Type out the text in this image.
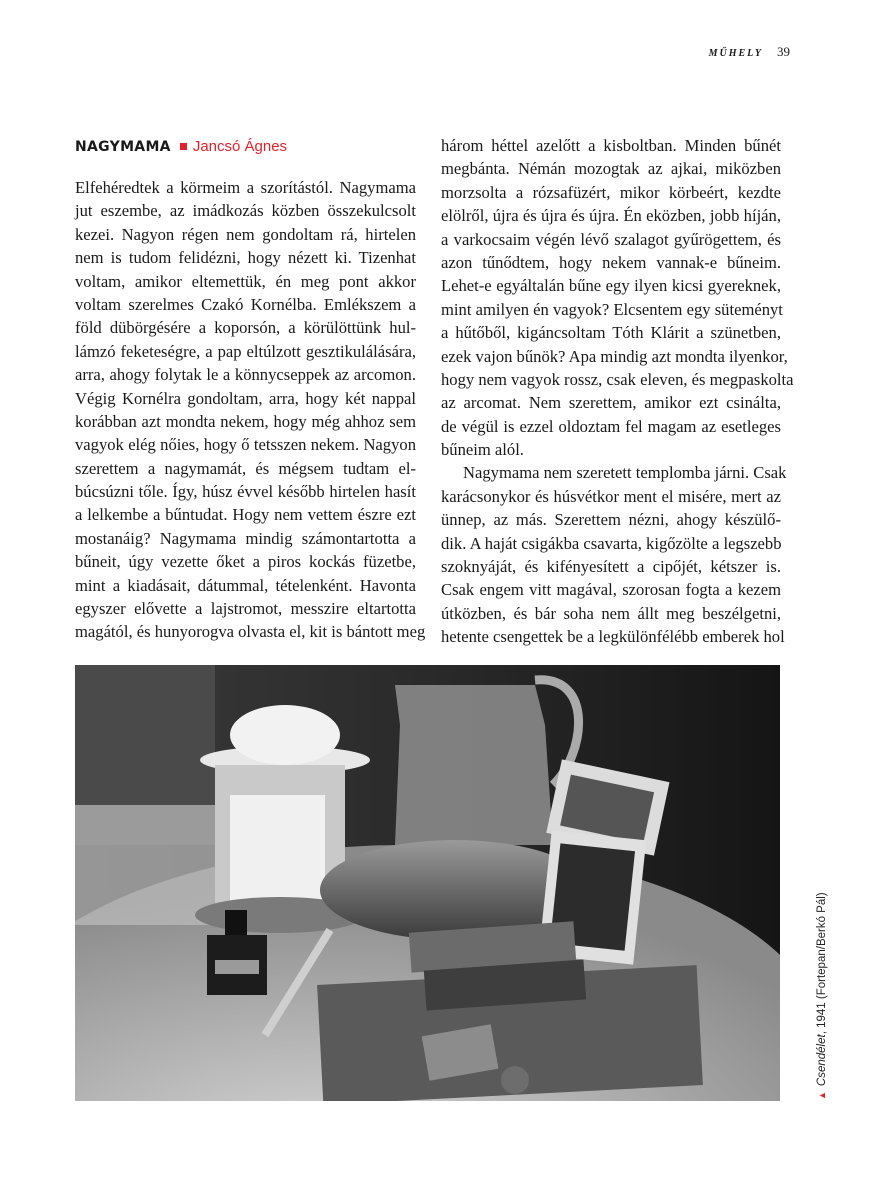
MŰHELY 39
NAGYMAMA Jancsó Ágnes
Elfehéredtek a körmeim a szorítástól. Nagymama
jut eszembe, az imádkozás közben összekulcsolt
kezei. Nagyon régen nem gondoltam rá, hirtelen
nem is tudom felidézni, hogy nézett ki. Tizenhat
voltam, amikor eltemettük, én meg pont akkor
voltam szerelmes Czakó Kornélba. Emlékszem a
föld dübörgésére a koporsón, a körülöttünk hul-
lámzó feketeségre, a pap eltúlzott gesztikulálására,
arra, ahogy folytak le a könnycseppek az arcomon.
Végig Kornélra gondoltam, arra, hogy két nappal
korábban azt mondta nekem, hogy még ahhoz sem
vagyok elég nőies, hogy ő tetsszen nekem. Nagyon
szerettem a nagymamát, és mégsem tudtam el-
búcsúzni tőle. Így, húsz évvel később hirtelen hasít
a lelkembe a bűntudat. Hogy nem vettem észre ezt
mostanáig? Nagymama mindig számontartotta a
bűneit, úgy vezette őket a piros kockás füzetbe,
mint a kiadásait, dátummal, tételenként. Havonta
egyszer elővette a lajstromot, messzire eltartotta
magától, és hunyorogva olvasta el, kit is bántott meg
három héttel azelőtt a kisboltban. Minden bűnét
megbánta. Némán mozogtak az ajkai, miközben
morzsolta a rózsafüzért, mikor körbeért, kezdte
elölről, újra és újra és újra. Én eközben, jobb híján,
a varkocsaim végén lévő szalagot gyűrögettem, és
azon tűnődtem, hogy nekem vannak-e bűneim.
Lehet-e egyáltalán bűne egy ilyen kicsi gyereknek,
mint amilyen én vagyok? Elcsentem egy süteményt
a hűtőből, kigáncsoltam Tóth Klárit a szünetben,
ezek vajon bűnök? Apa mindig azt mondta ilyenkor,
hogy nem vagyok rossz, csak eleven, és megpaskolta
az arcomat. Nem szerettem, amikor ezt csinálta,
de végül is ezzel oldoztam fel magam az esetleges
bűneim alól.
Nagymama nem szeretett templomba járni. Csak
karácsonykor és húsvétkor ment el misére, mert az
ünnep, az más. Szerettem nézni, ahogy készülő-
dik. A haját csigákba csavarta, kigőzölte a legszebb
szoknyáját, és kifényesített a cipőjét, kétszer is.
Csak engem vitt magával, szorosan fogta a kezem
útközben, és bár soha nem állt meg beszélgetni,
hetente csengettek be a legkülönfélébb emberek hol
▲Csendélet, 1941 (Fortepan/Berkó Pál)
